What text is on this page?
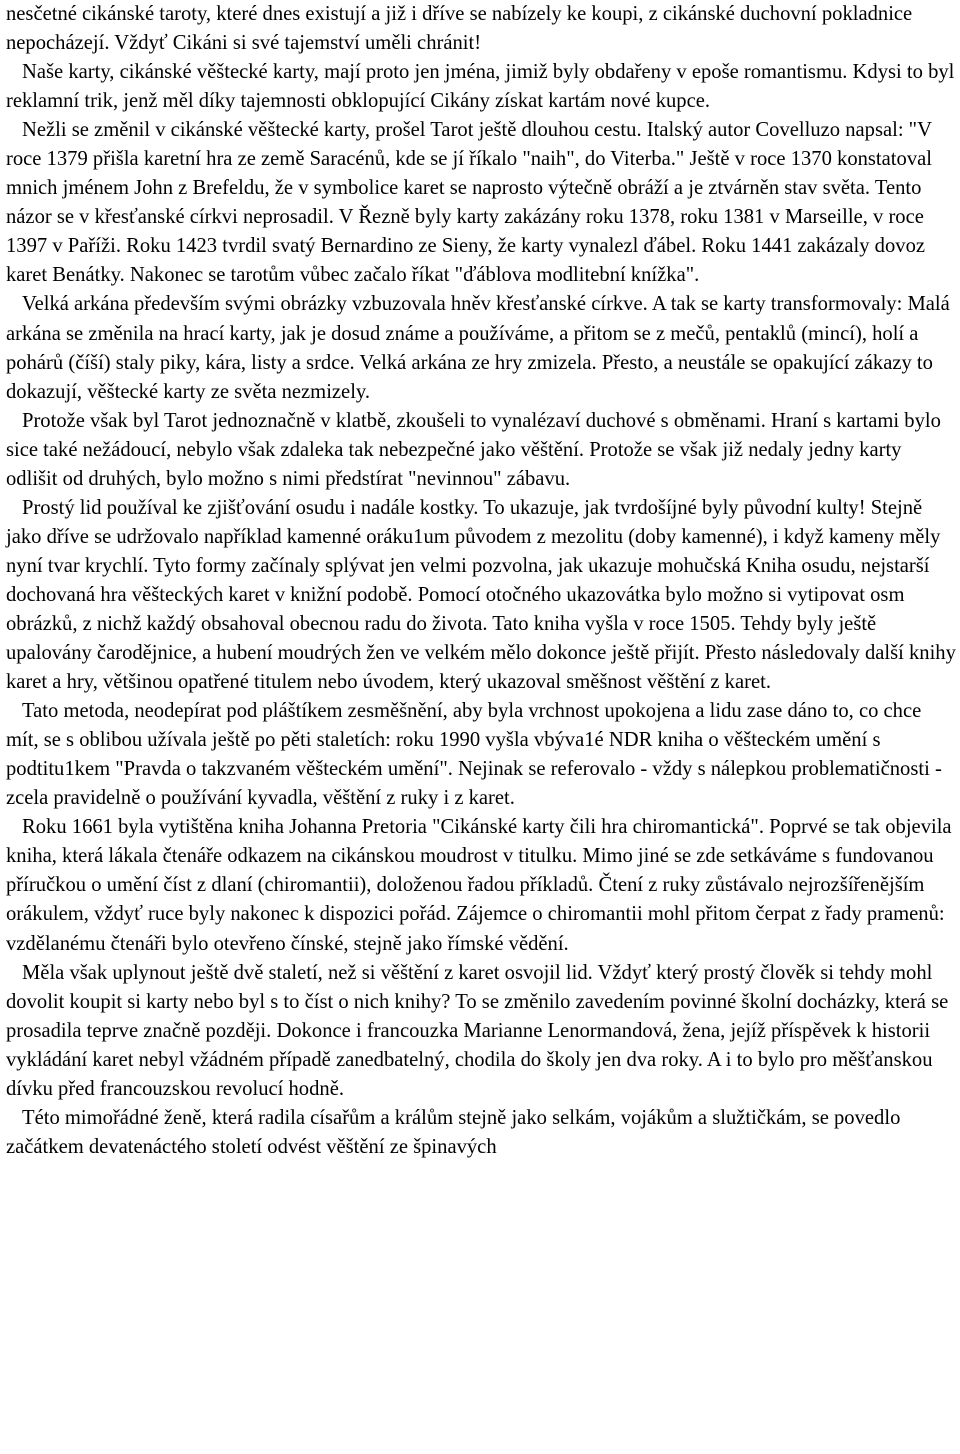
nesčetné cikánské taroty, které dnes existují a již i dříve se nabízely ke koupi, z cikánské duchovní pokladnice nepocházejí. Vždyť Cikáni si své tajemství uměli chránit!

Naše karty, cikánské věštecké karty, mají proto jen jména, jimiž byly obdařeny v epoše romantismu. Kdysi to byl reklamní trik, jenž měl díky tajemnosti obklopující Cikány získat kartám nové kupce.

Nežli se změnil v cikánské věštecké karty, prošel Tarot ještě dlouhou cestu. Italský autor Covelluzo napsal: "V roce 1379 přišla karetní hra ze země Saracénů, kde se jí říkalo "naih", do Viterba." Ještě v roce 1370 konstatoval mnich jménem John z Brefeldu, že v symbolice karet se naprosto výtečně obráží a je ztvárněn stav světa. Tento názor se v křesťanské církvi neprosadil. V Řezně byly karty zakázány roku 1378, roku 1381 v Marseille, v roce 1397 v Paříži. Roku 1423 tvrdil svatý Bernardino ze Sieny, že karty vynalezl ďábel. Roku 1441 zakázaly dovoz karet Benátky. Nakonec se tarotům vůbec začalo říkat "ďáblova modlitební knížka".

Velká arkána především svými obrázky vzbuzovala hněv křesťanské církve. A tak se karty transformovaly: Malá arkána se změnila na hrací karty, jak je dosud známe a používáme, a přitom se z mečů, pentaklů (mincí), holí a pohárů (číší) staly piky, kára, listy a srdce. Velká arkána ze hry zmizela. Přesto, a neustále se opakující zákazy to dokazují, věštecké karty ze světa nezmizely.

Protože však byl Tarot jednoznačně v klatbě, zkoušeli to vynalézaví duchové s obměnami. Hraní s kartami bylo sice také nežádoucí, nebylo však zdaleka tak nebezpečné jako věštění. Protože se však již nedaly jedny karty odlišit od druhých, bylo možno s nimi předstírat "nevinnou" zábavu.

Prostý lid používal ke zjišťování osudu i nadále kostky. To ukazuje, jak tvrdošíjné byly původní kulty! Stejně jako dříve se udržovalo například kamenné oráku1um původem z mezolitu (doby kamenné), i když kameny měly nyní tvar krychlí. Tyto formy začínaly splývat jen velmi pozvolna, jak ukazuje mohučská Kniha osudu, nejstarší dochovaná hra věšteckých karet v knižní podobě. Pomocí otočného ukazovátka bylo možno si vytipovat osm obrázků, z nichž každý obsahoval obecnou radu do života. Tato kniha vyšla v roce 1505. Tehdy byly ještě upalovány čarodějnice, a hubení moudrých žen ve velkém mělo dokonce ještě přijít. Přesto následovaly další knihy karet a hry, většinou opatřené titulem nebo úvodem, který ukazoval směšnost věštění z karet.

Tato metoda, neodepírat pod pláštíkem zesměšnění, aby byla vrchnost upokojena a lidu zase dáno to, co chce mít, se s oblibou užívala ještě po pěti staletích: roku 1990 vyšla vbýva1é NDR kniha o věšteckém umění s podtitu1kem "Pravda o takzvaném věšteckém umění". Nejinak se referovalo - vždy s nálepkou problematičnosti - zcela pravidelně o používání kyvadla, věštění z ruky i z karet.

Roku 1661 byla vytištěna kniha Johanna Pretoria "Cikánské karty čili hra chiromantická". Poprvé se tak objevila kniha, která lákala čtenáře odkazem na cikánskou moudrost v titulku. Mimo jiné se zde setkáváme s fundovanou příručkou o umění číst z dlaní (chiromantii), doloženou řadou příkladů. Čtení z ruky zůstávalo nejrozšířenějším orákulem, vždyť ruce byly nakonec k dispozici pořád. Zájemce o chiromantii mohl přitom čerpat z řady pramenů: vzdělanému čtenáři bylo otevřeno čínské, stejně jako římské vědění.

Měla však uplynout ještě dvě staletí, než si věštění z karet osvojil lid. Vždyť který prostý člověk si tehdy mohl dovolit koupit si karty nebo byl s to číst o nich knihy? To se změnilo zavedením povinné školní docházky, která se prosadila teprve značně později. Dokonce i francouzka Marianne Lenormandová, žena, jejíž příspěvek k historii vykládání karet nebyl vžádném případě zanedbatelný, chodila do školy jen dva roky. A i to bylo pro měšťanskou dívku před francouzskou revolucí hodně.

Této mimořádné ženě, která radila císařům a králům stejně jako selkám, vojákům a služtičkám, se povedlo začátkem devatenáctého století odvést věštění ze špinavých
